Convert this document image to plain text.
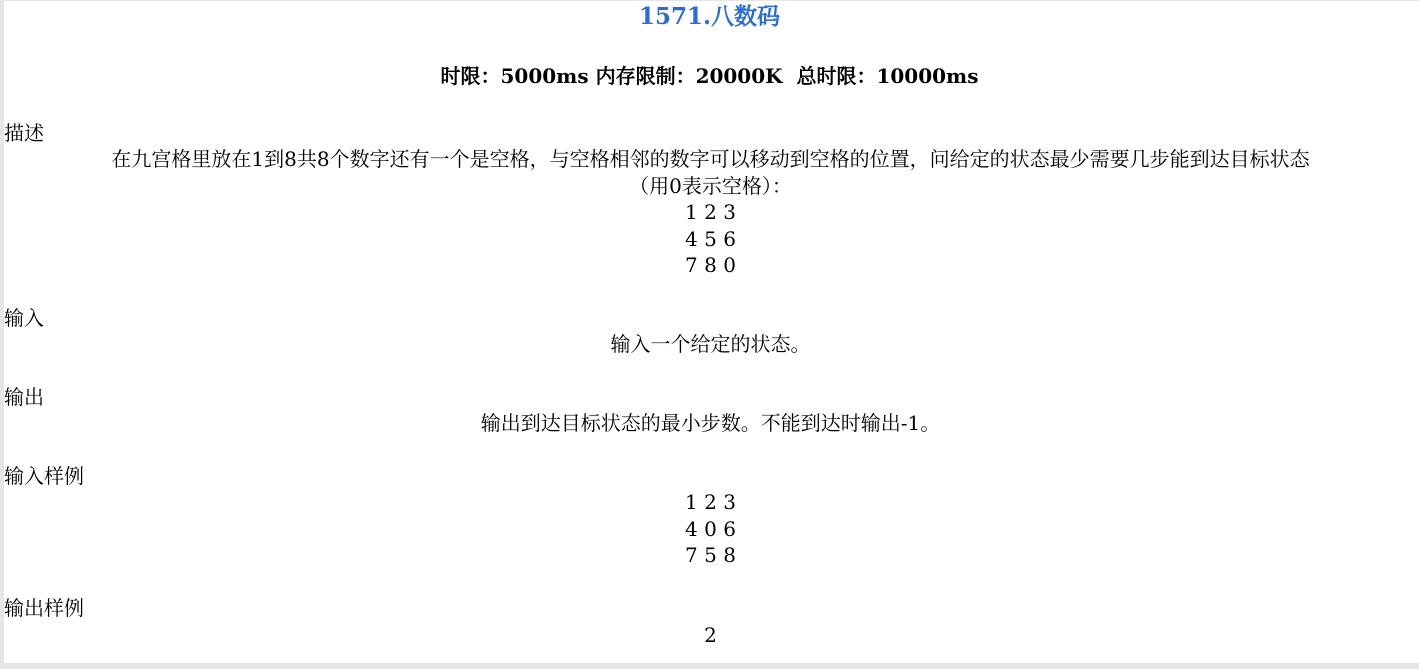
1571.八数码
时限：5000ms 内存限制：20000K  总时限：10000ms
描述
在九宫格里放在1到8共8个数字还有一个是空格，与空格相邻的数字可以移动到空格的位置，问给定的状态最少需要几步能到达目标状态
（用0表示空格）：
1 2 3
4 5 6
7 8 0
输入
输入一个给定的状态。
输出
输出到达目标状态的最小步数。不能到达时输出-1。
输入样例
1 2 3
4 0 6
7 5 8
输出样例
2
